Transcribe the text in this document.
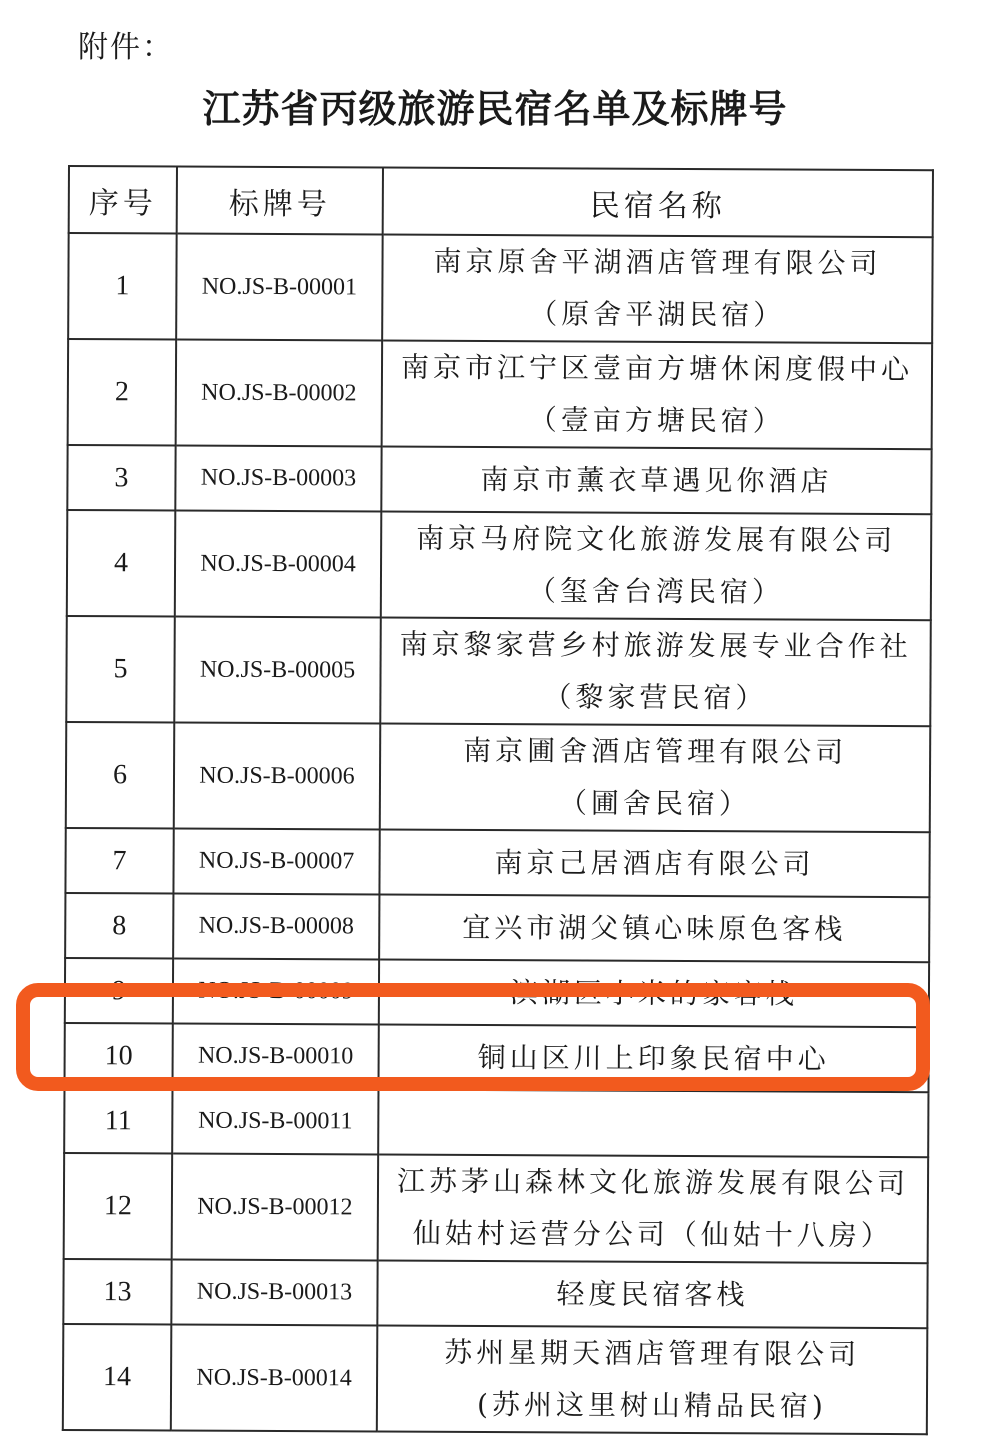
附件：
江苏省丙级旅游民宿名单及标牌号
序号	标牌号	民宿名称
1	NO.JS-B-00001	南京原舍平湖酒店管理有限公司
（原舍平湖民宿）

2	NO.JS-B-00002	南京市江宁区壹亩方塘休闲度假中心
（壹亩方塘民宿）

3	NO.JS-B-00003	南京市薰衣草遇见你酒店

4	NO.JS-B-00004	南京马府院文化旅游发展有限公司
（玺舍台湾民宿）

5	NO.JS-B-00005	南京黎家营乡村旅游发展专业合作社
（黎家营民宿）

6	NO.JS-B-00006	南京圃舍酒店管理有限公司
（圃舍民宿）

7	NO.JS-B-00007	南京己居酒店有限公司

8	NO.JS-B-00008	宜兴市湖父镇心味原色客栈

9	NO.JS-B-00009	滨湖区小米的家客栈

10	NO.JS-B-00010	铜山区川上印象民宿中心

11	NO.JS-B-00011	

12	NO.JS-B-00012	江苏茅山森林文化旅游发展有限公司
仙姑村运营分公司（仙姑十八房）

13	NO.JS-B-00013	轻度民宿客栈

14	NO.JS-B-00014	苏州星期天酒店管理有限公司
(苏州这里树山精品民宿)
